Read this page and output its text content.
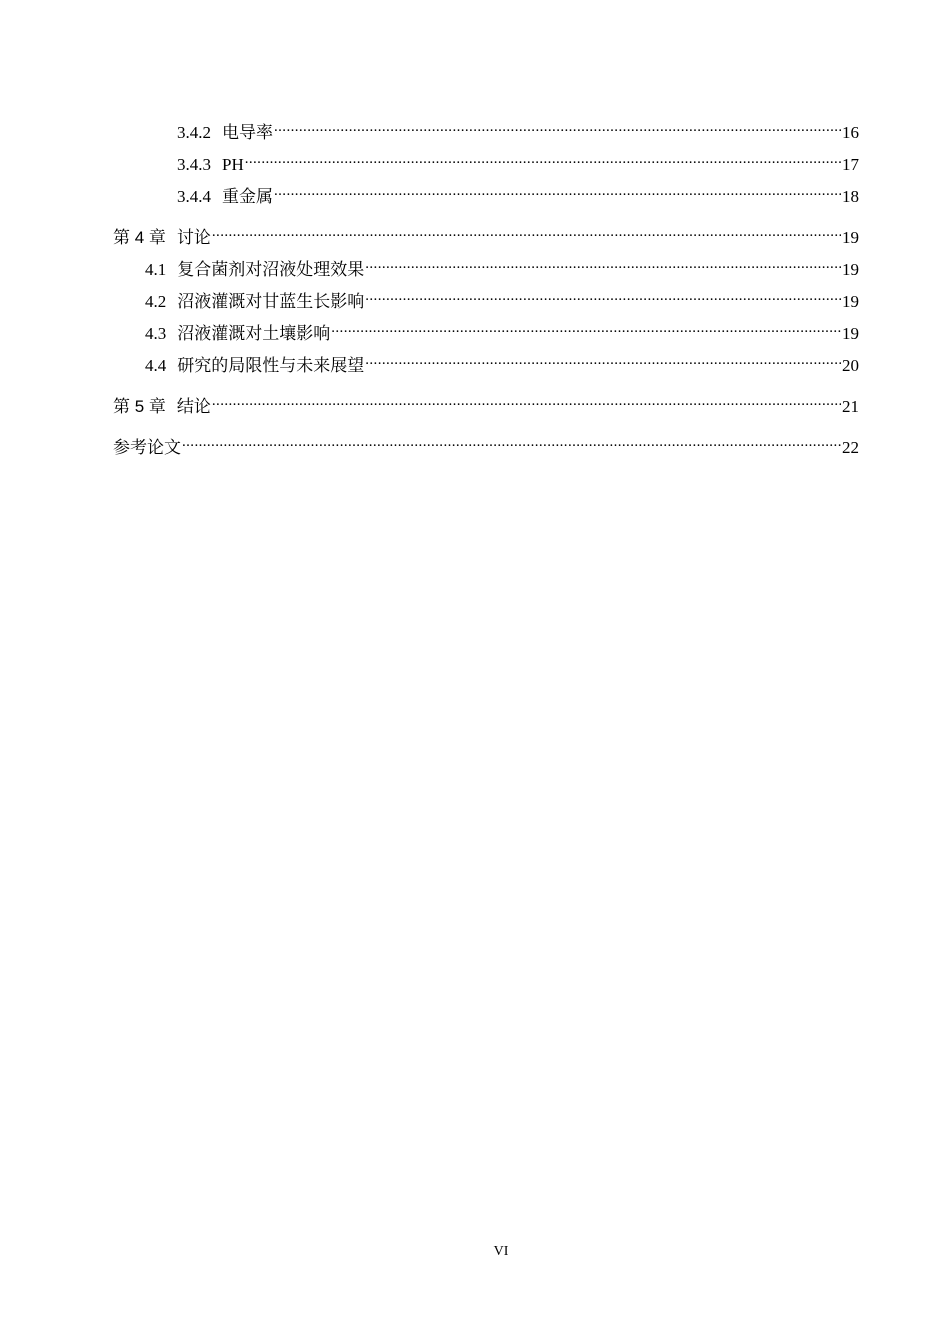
3.4.2 电导率 .....	16
3.4.3 PH .....	17
3.4.4 重金属 .....	18
第 4 章 讨论 .....	19
4.1 复合菌剂对沼液处理效果 .....	19
4.2 沼液灌溉对甘蓝生长影响 .....	19
4.3 沼液灌溉对土壤影响 .....	19
4.4 研究的局限性与未来展望 .....	20
第 5 章 结论 .....	21
参考论文 .....	22
VI
